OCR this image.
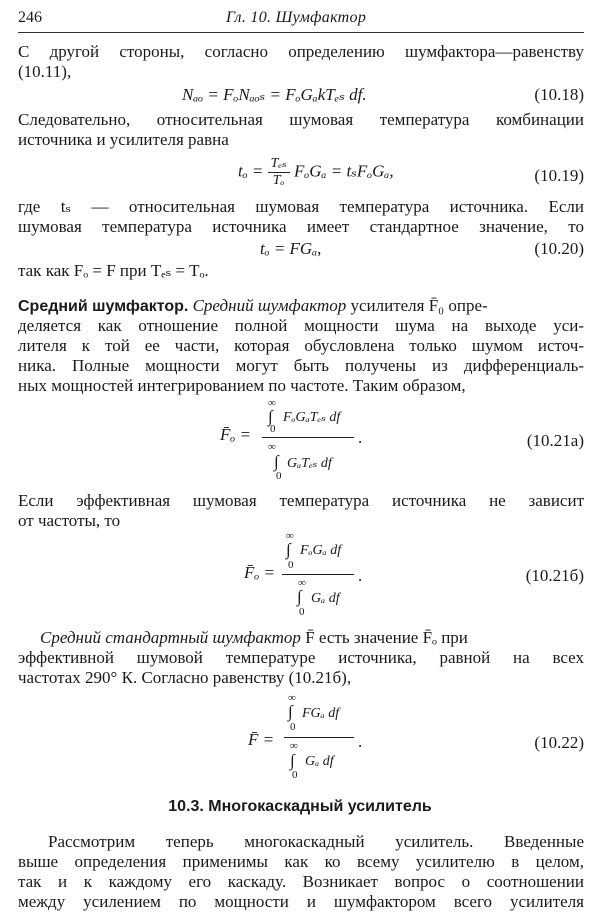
246	Гл. 10. Шумфактор
С другой стороны, согласно определению шумфактора—равенству
(10.11),
Nₐₒ = FₒNₐₒₛ = FₒGₐkTₑₛ df.	(10.18)
Следовательно, относительная шумовая температура комбинации
источника и усилителя равна
$t_o = \frac{\text{Tₑₛ}}{\text{Tₒ}}$ FₒGₐ = tₛFₒGₐ,	(10.19)
где tₛ — относительная шумовая температура источника. Если
шумовая температура источника имеет стандартное значение, то
tₒ = FGₐ,	(10.20)
так как Fₒ = F при Tₑₛ = Tₒ.
Средний шумфактор. Средний шумфактор усилителя F̄₀ опре-
деляется как отношение полной мощности шума на выходе уси-
лителя к той ее части, которая обусловлена только шумом источ-
ника. Полные мощности могут быть получены из дифференциаль-
ных мощностей интегрированием по частоте. Таким образом,
F̄ₒ =
∞
∫ FₒGₐTₑₛ df
0
∞
∫ GₐTₑₛ df
0
.	(10.21а)
Если эффективная шумовая температура источника не зависит
от частоты, то
F̄ₒ =
∞
∫ FₒGₐ df
0
∞
∫ Gₐ df
0
.	(10.21б)
Средний стандартный шумфактор F̄ есть значение F̄ₒ при
эффективной шумовой температуре источника, равной на всех
частотах 290° К. Согласно равенству (10.21б),
F̄ =
∞
∫ FGₐ df
0
∞
∫ Gₐ df
0
.	(10.22)
10.3. Многокаскадный усилитель
Рассмотрим теперь многокаскадный усилитель. Введенные
выше определения применимы как ко всему усилителю в целом,
так и к каждому его каскаду. Возникает вопрос о соотношении
между усилением по мощности и шумфактором всего усилителя
